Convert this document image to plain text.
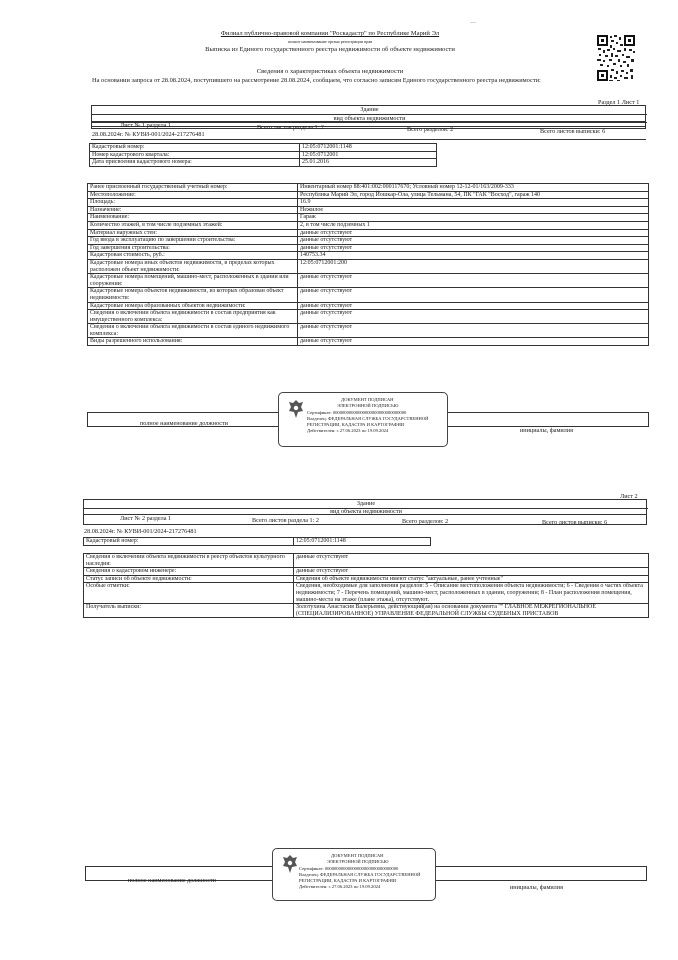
Филиал публично-правовой компании "Роскадастр" по Республике Марий Эл
полное наименование органа регистрации прав
Выписка из Единого государственного реестра недвижимости об объекте недвижимости
Сведения о характеристиках объекта недвижимости
На основании запроса от 28.08.2024, поступившего на рассмотрение 28.08.2024, сообщаем, что согласно записям Единого государственного реестра недвижимости:
—
Раздел 1 Лист 1
Здание
вид объекта недвижимости
Лист № 1 раздела 1	Всего листов раздела 1: 2	Всего разделов: 2	Всего листов выписки: 6
28.08.2024г. № КУВИ-001/2024-217276481
Кадастровый номер:	12:05:0712001:1148
Номер кадастрового квартала:	12:05:0712001
Дата присвоения кадастрового номера:	25.01.2016
Ранее присвоенный государственный учетный номер:	Инвентарный номер 88:401:002:000117670; Условный номер 12-12-01/163/2009-333
Местоположение:	Республика Марий Эл, город Йошкар-Ола, улица Тельмана, 54, ПК "ГАК "Восход", гараж 140
Площадь:	16.9
Назначение:	Нежилое
Наименование:	Гараж
Количество этажей, в том числе подземных этажей:	2, в том числе подземных 1
Материал наружных стен:	данные отсутствуют
Год ввода в эксплуатацию по завершении строительства:	данные отсутствуют
Год завершения строительства:	данные отсутствуют
Кадастровая стоимость, руб.:	140753.34
Кадастровые номера иных объектов недвижимости, в пределах которых расположен объект недвижимости:	12:05:0712001:200
Кадастровые номера помещений, машино-мест, расположенных в здании или сооружении:	данные отсутствуют
Кадастровые номера объектов недвижимости, из которых образован объект недвижимости:	данные отсутствуют
Кадастровые номера образованных объектов недвижимости:	данные отсутствуют
Сведения о включении объекта недвижимости в состав предприятия как имущественного комплекса:	данные отсутствуют
Сведения о включении объекта недвижимости в состав единого недвижимого комплекса:	данные отсутствуют
Виды разрешенного использования:	данные отсутствуют
полное наименование должности
инициалы, фамилия
ДОКУМЕНТ ПОДПИСАН
ЭЛЕКТРОННОЙ ПОДПИСЬЮ
Сертификат: 00000000000000000000000000000000
Владелец: ФЕДЕРАЛЬНАЯ СЛУЖБА ГОСУДАРСТВЕННОЙ
РЕГИСТРАЦИИ, КАДАСТРА И КАРТОГРАФИИ
Действителен: с 27.06.2023 по 19.09.2024
Лист 2
Здание
вид объекта недвижимости
Лист № 2 раздела 1	Всего листов раздела 1: 2	Всего разделов: 2	Всего листов выписки: 6
28.08.2024г. № КУВИ-001/2024-217276481
Кадастровый номер:	12:05:0712001:1148
Сведения о включении объекта недвижимости в реестр объектов культурного наследия:	данные отсутствуют
Сведения о кадастровом инженере:	данные отсутствуют
Статус записи об объекте недвижимости:	Сведения об объекте недвижимости имеют статус "актуальные, ранее учтенные"
Особые отметки:	Сведения, необходимые для заполнения разделов: 5 - Описание местоположения объекта недвижимости; 6 - Сведения о частях объекта недвижимости; 7 - Перечень помещений, машино-мест, расположенных в здании, сооружении; 8 - План расположения помещения, машино-места на этаже (плане этажа), отсутствуют.
Получатель выписки:	Золотухина Анастасия Валерьевна, действующий(ая) на основании документа "" ГЛАВНОЕ МЕЖРЕГИОНАЛЬНОЕ (СПЕЦИАЛИЗИРОВАННОЕ) УПРАВЛЕНИЕ ФЕДЕРАЛЬНОЙ СЛУЖБЫ СУДЕБНЫХ ПРИСТАВОВ
полное наименование должности
инициалы, фамилия
ДОКУМЕНТ ПОДПИСАН
ЭЛЕКТРОННОЙ ПОДПИСЬЮ
Сертификат: 00000000000000000000000000000000
Владелец: ФЕДЕРАЛЬНАЯ СЛУЖБА ГОСУДАРСТВЕННОЙ
РЕГИСТРАЦИИ, КАДАСТРА И КАРТОГРАФИИ
Действителен: с 27.06.2023 по 19.09.2024
